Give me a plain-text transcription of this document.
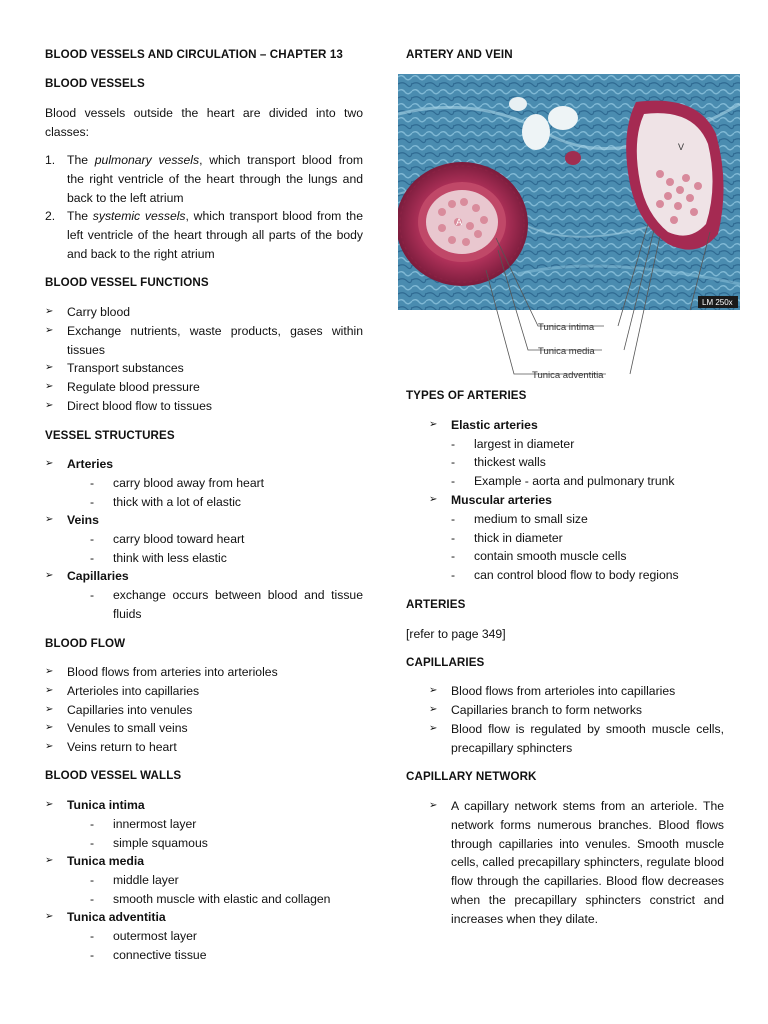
BLOOD VESSELS AND CIRCULATION – CHAPTER 13
BLOOD VESSELS
Blood vessels outside the heart are divided into two classes:
1. The pulmonary vessels, which transport blood from the right ventricle of the heart through the lungs and back to the left atrium
2. The systemic vessels, which transport blood from the left ventricle of the heart through all parts of the body and back to the right atrium
BLOOD VESSEL FUNCTIONS
➢ Carry blood
➢ Exchange nutrients, waste products, gases within tissues
➢ Transport substances
➢ Regulate blood pressure
➢ Direct blood flow to tissues
VESSEL STRUCTURES
➢ Arteries
- carry blood away from heart
- thick with a lot of elastic
➢ Veins
- carry blood toward heart
- think with less elastic
➢ Capillaries
- exchange occurs between blood and tissue fluids
BLOOD FLOW
➢ Blood flows from arteries into arterioles
➢ Arterioles into capillaries
➢ Capillaries into venules
➢ Venules to small veins
➢ Veins return to heart
BLOOD VESSEL WALLS
➢ Tunica intima
- innermost layer
- simple squamous
➢ Tunica media
- middle layer
- smooth muscle with elastic and collagen
➢ Tunica adventitia
- outermost layer
- connective tissue
ARTERY AND VEIN
TYPES OF ARTERIES
➢ Elastic arteries
- largest in diameter
- thickest walls
- Example - aorta and pulmonary trunk
➢ Muscular arteries
- medium to small size
- thick in diameter
- contain smooth muscle cells
- can control blood flow to body regions
ARTERIES
[refer to page 349]
CAPILLARIES
➢ Blood flows from arterioles into capillaries
➢ Capillaries branch to form networks
➢ Blood flow is regulated by smooth muscle cells, precapillary sphincters
CAPILLARY NETWORK
➢ A capillary network stems from an arteriole. The network forms numerous branches. Blood flows through capillaries into venules. Smooth muscle cells, called precapillary sphincters, regulate blood flow through the capillaries. Blood flow decreases when the precapillary sphincters constrict and increases when they dilate.
A
V
LM 250x
Tunica intima
Tunica media
Tunica adventitia
